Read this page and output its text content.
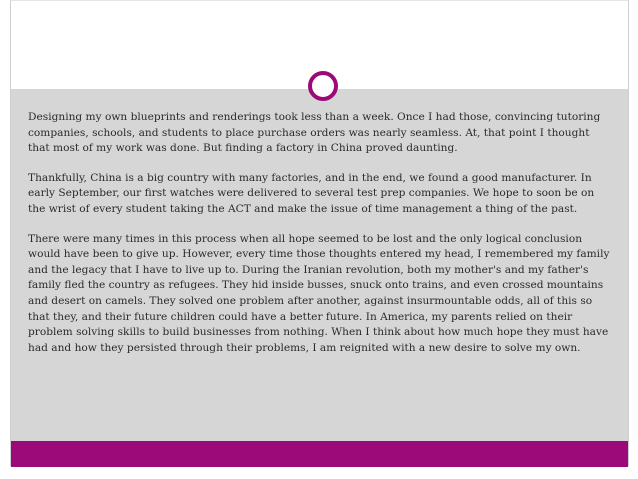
Designing my own blueprints and renderings took less than a week. Once I had those, convincing tutoring companies, schools, and students to place purchase orders was nearly seamless. At, that point I thought that most of my work was done. But finding a factory in China proved daunting.

Thankfully, China is a big country with many factories, and in the end, we found a good manufacturer. In early September, our first watches were delivered to several test prep companies. We hope to soon be on the wrist of every student taking the ACT and make the issue of time management a thing of the past.

There were many times in this process when all hope seemed to be lost and the only logical conclusion would have been to give up. However, every time those thoughts entered my head, I remembered my family and the legacy that I have to live up to. During the Iranian revolution, both my mother's and my father's family fled the country as refugees. They hid inside busses, snuck onto trains, and even crossed mountains and desert on camels. They solved one problem after another, against insurmountable odds, all of this so that they, and their future children could have a better future. In America, my parents relied on their problem solving skills to build businesses from nothing. When I think about how much hope they must have had and how they persisted through their problems, I am reignited with a new desire to solve my own.
